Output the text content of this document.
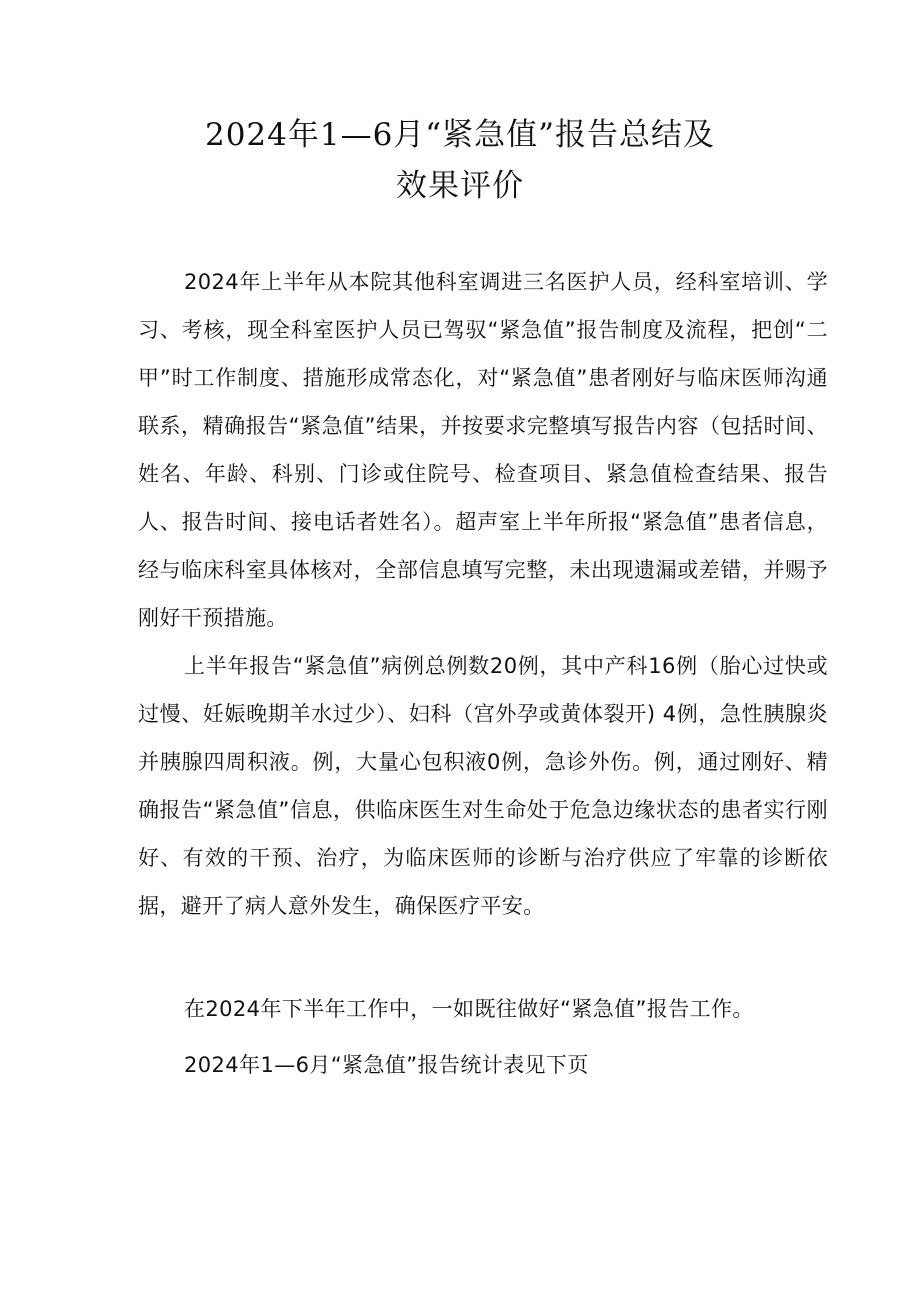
2024年1—6月“紧急值”报告总结及
效果评价

2024年上半年从本院其他科室调进三名医护人员，经科室培训、学习、考核，现全科室医护人员已驾驭“紧急值”报告制度及流程，把创“二甲”时工作制度、措施形成常态化，对“紧急值”患者刚好与临床医师沟通联系，精确报告“紧急值”结果，并按要求完整填写报告内容（包括时间、姓名、年龄、科别、门诊或住院号、检查项目、紧急值检查结果、报告人、报告时间、接电话者姓名）。超声室上半年所报“紧急值”患者信息，经与临床科室具体核对，全部信息填写完整，未出现遗漏或差错，并赐予刚好干预措施。

上半年报告“紧急值”病例总例数20例，其中产科16例（胎心过快或过慢、妊娠晚期羊水过少）、妇科（宫外孕或黄体裂开) 4例，急性胰腺炎并胰腺四周积液。例，大量心包积液0例，急诊外伤。例，通过刚好、精确报告“紧急值”信息，供临床医生对生命处于危急边缘状态的患者实行刚好、有效的干预、治疗，为临床医师的诊断与治疗供应了牢靠的诊断依据，避开了病人意外发生，确保医疗平安。

在2024年下半年工作中，一如既往做好“紧急值”报告工作。

2024年1—6月“紧急值”报告统计表见下页
